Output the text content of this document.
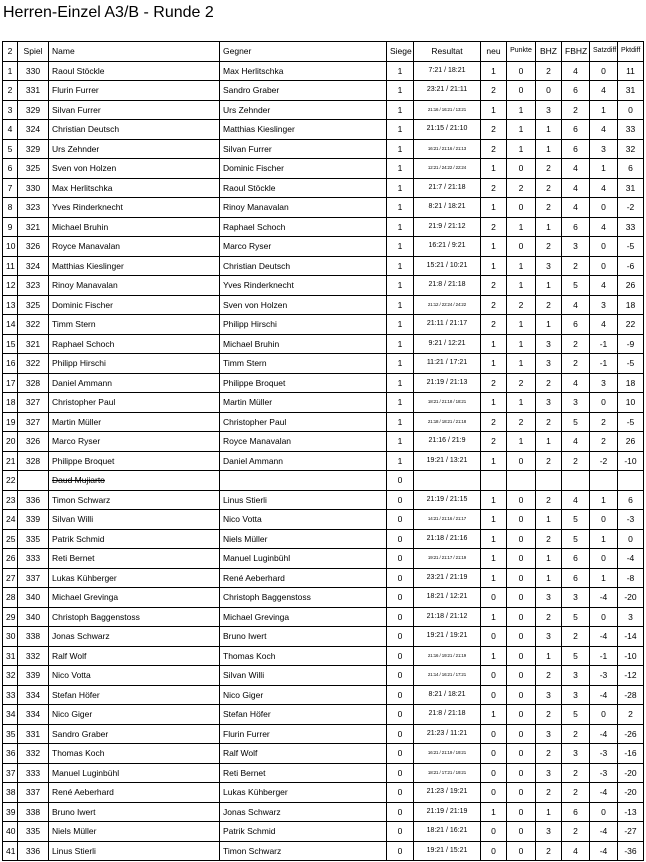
Herren-Einzel A3/B - Runde 2
2	Spiel	Name	Gegner	Siege	Resultat	neu	Punkte	BHZ	FBHZ	Satzdiff	Pktdiff
1	330	Raoul Stöckle	Max Herlitschka	1	7:21 / 18:21	1	0	2	4	0	11
2	331	Flurin Furrer	Sandro Graber	1	23:21 / 21:11	2	0	0	6	4	31
3	329	Silvan Furrer	Urs Zehnder	1	21:16 / 16:21 / 13:21	1	1	3	2	1	0
4	324	Christian Deutsch	Matthias Kieslinger	1	21:15 / 21:10	2	1	1	6	4	33
5	329	Urs Zehnder	Silvan Furrer	1	16:21 / 21:16 / 21:13	2	1	1	6	3	32
6	325	Sven von Holzen	Dominic Fischer	1	12:21 / 24:22 / 22:24	1	0	2	4	1	6
7	330	Max Herlitschka	Raoul Stöckle	1	21:7 / 21:18	2	2	2	4	4	31
8	323	Yves Rinderknecht	Rinoy Manavalan	1	8:21 / 18:21	1	0	2	4	0	-2
9	321	Michael Bruhin	Raphael Schoch	1	21:9 / 21:12	2	1	1	6	4	33
10	326	Royce Manavalan	Marco Ryser	1	16:21 / 9:21	1	0	2	3	0	-5
11	324	Matthias Kieslinger	Christian Deutsch	1	15:21 / 10:21	1	1	3	2	0	-6
12	323	Rinoy Manavalan	Yves Rinderknecht	1	21:8 / 21:18	2	1	1	5	4	26
13	325	Dominic Fischer	Sven von Holzen	1	21:12 / 22:24 / 24:22	2	2	2	4	3	18
14	322	Timm Stern	Philipp Hirschi	1	21:11 / 21:17	2	1	1	6	4	22
15	321	Raphael Schoch	Michael Bruhin	1	9:21 / 12:21	1	1	3	2	-1	-9
16	322	Philipp Hirschi	Timm Stern	1	11:21 / 17:21	1	1	3	2	-1	-5
17	328	Daniel Ammann	Philippe Broquet	1	21:19 / 21:13	2	2	2	4	3	18
18	327	Christopher Paul	Martin Müller	1	18:21 / 21:18 / 18:21	1	1	3	3	0	10
19	327	Martin Müller	Christopher Paul	1	21:18 / 18:21 / 21:18	2	2	2	5	2	-5
20	326	Marco Ryser	Royce Manavalan	1	21:16 / 21:9	2	1	1	4	2	26
21	328	Philippe Broquet	Daniel Ammann	1	19:21 / 13:21	1	0	2	2	-2	-10
22		Daud Mujiarto		0							
23	336	Timon Schwarz	Linus Stierli	0	21:19 / 21:15	1	0	2	4	1	6
24	339	Silvan Willi	Nico Votta	0	14:21 / 21:16 / 21:17	1	0	1	5	0	-3
25	335	Patrik Schmid	Niels Müller	0	21:18 / 21:16	1	0	2	5	1	0
26	333	Reti Bernet	Manuel Luginbühl	0	19:21 / 21:17 / 21:19	1	0	1	6	0	-4
27	337	Lukas Kühberger	René Aeberhard	0	23:21 / 21:19	1	0	1	6	1	-8
28	340	Michael Grevinga	Christoph Baggenstoss	0	18:21 / 12:21	0	0	3	3	-4	-20
29	340	Christoph Baggenstoss	Michael Grevinga	0	21:18 / 21:12	1	0	2	5	0	3
30	338	Jonas Schwarz	Bruno Iwert	0	19:21 / 19:21	0	0	3	2	-4	-14
31	332	Ralf Wolf	Thomas Koch	0	21:16 / 19:21 / 21:19	1	0	1	5	-1	-10
32	339	Nico Votta	Silvan Willi	0	21:14 / 16:21 / 17:21	0	0	2	3	-3	-12
33	334	Stefan Höfer	Nico Giger	0	8:21 / 18:21	0	0	3	3	-4	-28
34	334	Nico Giger	Stefan Höfer	0	21:8 / 21:18	1	0	2	5	0	2
35	331	Sandro Graber	Flurin Furrer	0	21:23 / 11:21	0	0	3	2	-4	-26
36	332	Thomas Koch	Ralf Wolf	0	16:21 / 21:19 / 19:21	0	0	2	3	-3	-16
37	333	Manuel Luginbühl	Reti Bernet	0	18:21 / 17:21 / 19:21	0	0	3	2	-3	-20
38	337	René Aeberhard	Lukas Kühberger	0	21:23 / 19:21	0	0	2	2	-4	-20
39	338	Bruno Iwert	Jonas Schwarz	0	21:19 / 21:19	1	0	1	6	0	-13
40	335	Niels Müller	Patrik Schmid	0	18:21 / 16:21	0	0	3	2	-4	-27
41	336	Linus Stierli	Timon Schwarz	0	19:21 / 15:21	0	0	2	4	-4	-36
